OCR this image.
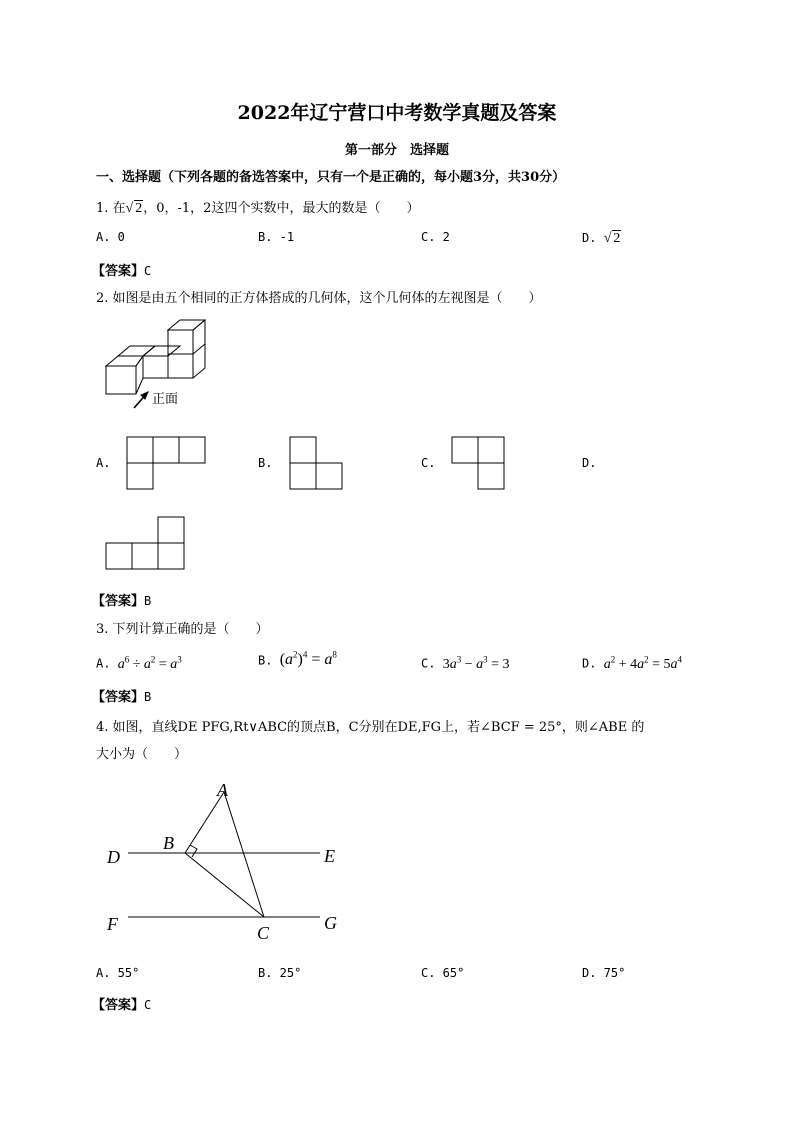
2022年辽宁营口中考数学真题及答案
第一部分　选择题
一、选择题（下列各题的备选答案中，只有一个是正确的，每小题3分，共30分）
1. 在√ 2，0，-1，2这四个实数中，最大的数是（　　）
A. 0	B. -1	C. 2	D. √ 2
【答案】C
2. 如图是由五个相同的正方体搭成的几何体，这个几何体的左视图是（　　）
正面
A.	B.	C.	D.
【答案】B
3. 下列计算正确的是（　　）
A. $a^6 \div a^2 = a^3$	B. $(a^2)^4 = a^8$
C. $3a^3 - a^3 = 3$	D. $a^2 + 4a^2 = 5a^4$
【答案】B
4. 如图，直线DE PFG,Rt∨ABC的顶点B，C分别在DE,FG上，若∠BCF = 25°，则∠ABE 的
大小为（　　）
A
B
D	E
F	C	G
A. 55°	B. 25°	C. 65°	D. 75°
【答案】C
